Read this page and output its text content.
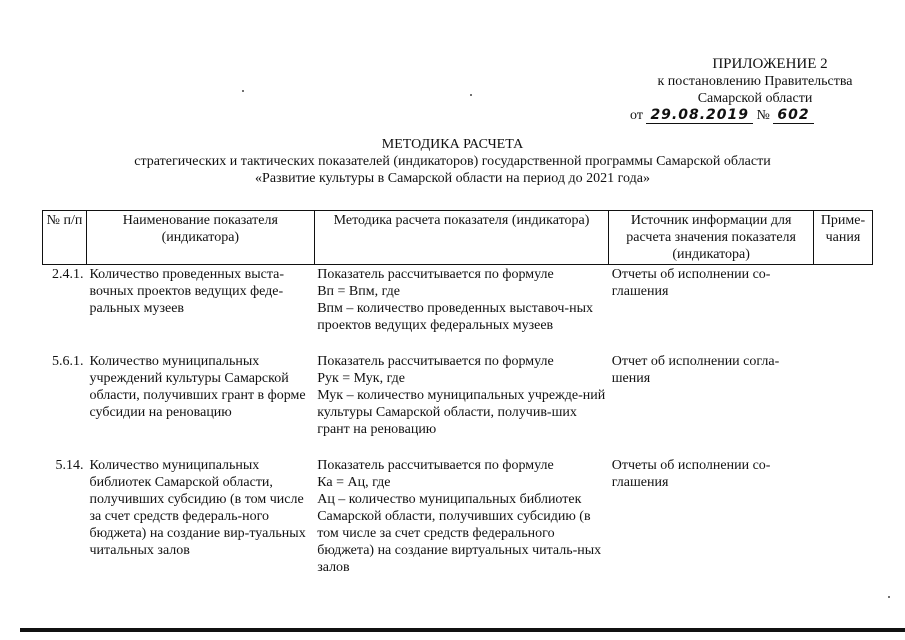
ПРИЛОЖЕНИЕ 2
к постановлению Правительства
Самарской области
от 29.08.2019 № 602
МЕТОДИКА РАСЧЕТА
стратегических и тактических показателей (индикаторов) государственной программы Самарской области
«Развитие культуры в Самарской области на период до 2021 года»
№ п/п	Наименование показателя (индикатора)	Методика расчета показателя (индикатора)	Источник информации для расчета значения показателя (индикатора)	Приме-чания
2.4.1.	Количество проведенных выста-вочных проектов ведущих феде-ральных музеев	Показатель рассчитывается по формуле
Вп = Впм, где
Впм – количество проведенных выставоч-ных проектов ведущих федеральных музеев	Отчеты об исполнении со-глашения	
5.6.1.	Количество муниципальных учреждений культуры Самарской области, получивших грант в форме субсидии на реновацию	Показатель рассчитывается по формуле
Рук = Мук, где
Мук – количество муниципальных учрежде-ний культуры Самарской области, получив-ших грант на реновацию	Отчет об исполнении согла-шения	
5.14.	Количество муниципальных библиотек Самарской области, получивших субсидию (в том числе за счет средств федераль-ного бюджета) на создание вир-туальных читальных залов	Показатель рассчитывается по формуле
Ка = Ац, где
Ац – количество муниципальных библиотек Самарской области, получивших субсидию (в том числе за счет средств федерального бюджета) на создание виртуальных читаль-ных залов	Отчеты об исполнении со-глашения	
